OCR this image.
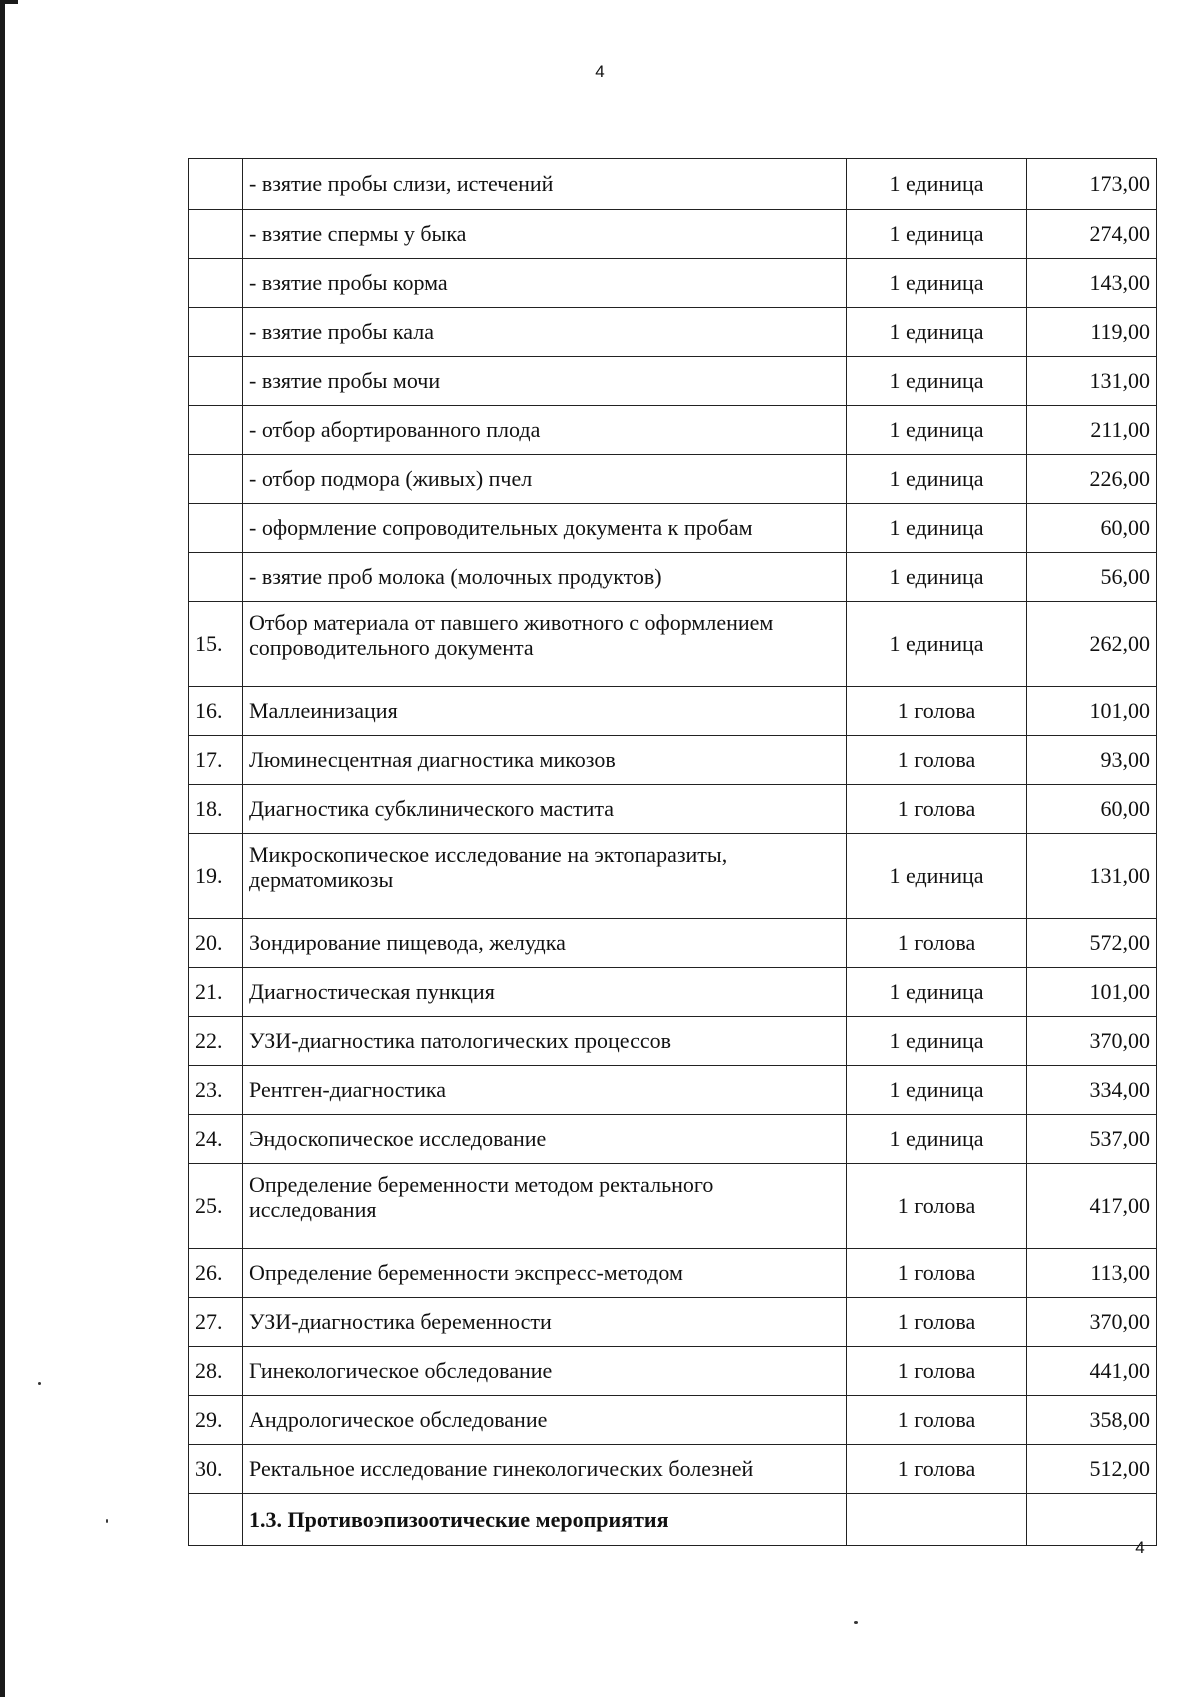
4
	- взятие пробы слизи, истечений	1 единица	173,00
	- взятие спермы у быка	1 единица	274,00
	- взятие пробы корма	1 единица	143,00
	- взятие пробы кала	1 единица	119,00
	- взятие пробы мочи	1 единица	131,00
	- отбор абортированного плода	1 единица	211,00
	- отбор подмора (живых) пчел	1 единица	226,00
	- оформление сопроводительных документа к пробам	1 единица	60,00
	- взятие проб молока (молочных продуктов)	1 единица	56,00
15.	Отбор материала от павшего животного с оформлением сопроводительного документа	1 единица	262,00
16.	Маллеинизация	1 голова	101,00
17.	Люминесцентная диагностика микозов	1 голова	93,00
18.	Диагностика субклинического мастита	1 голова	60,00
19.	Микроскопическое исследование на эктопаразиты, дерматомикозы	1 единица	131,00
20.	Зондирование пищевода, желудка	1 голова	572,00
21.	Диагностическая пункция	1 единица	101,00
22.	УЗИ-диагностика патологических процессов	1 единица	370,00
23.	Рентген-диагностика	1 единица	334,00
24.	Эндоскопическое исследование	1 единица	537,00
25.	Определение беременности методом ректального исследования	1 голова	417,00
26.	Определение беременности экспресс-методом	1 голова	113,00
27.	УЗИ-диагностика беременности	1 голова	370,00
28.	Гинекологическое обследование	1 голова	441,00
29.	Андрологическое обследование	1 голова	358,00
30.	Ректальное исследование гинекологических болезней	1 голова	512,00
	1.3. Противоэпизоотические мероприятия		
4
